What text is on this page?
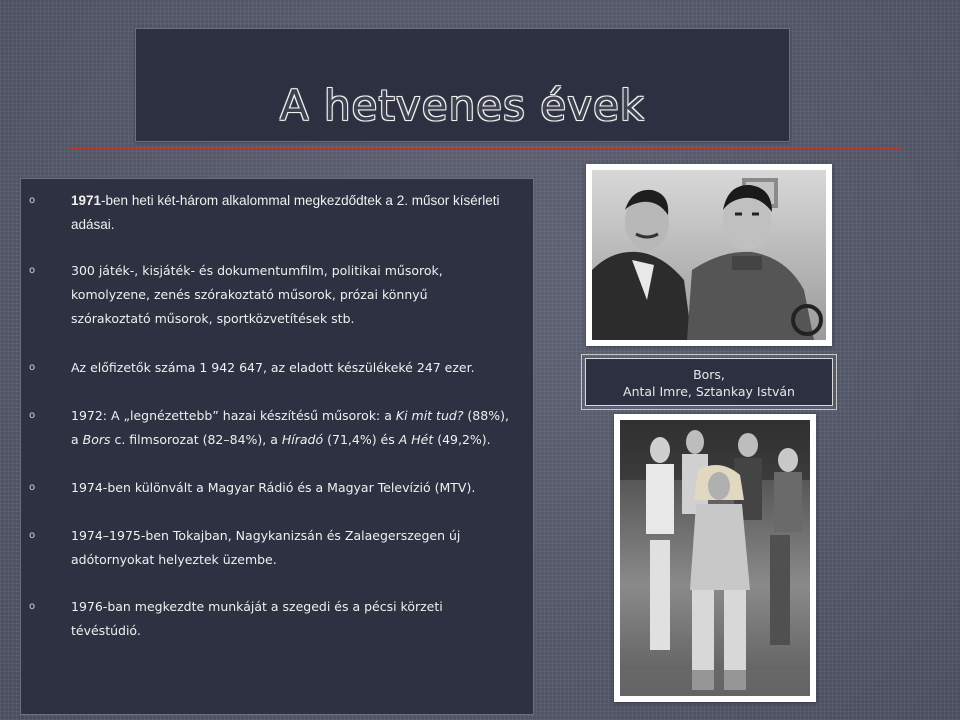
A hetvenes évek
o	1971-ben heti két-három alkalommal megkezdődtek a 2. műsor kísérleti adásai.
o	300 játék-, kisjáték- és dokumentumfilm, politikai műsorok, komolyzene, zenés szórakoztató műsorok, prózai könnyű szórakoztató műsorok, sportközvetítések stb.
o	Az előfizetők száma 1 942 647, az eladott készülékeké 247 ezer.
o	1972: A „legnézettebb” hazai készítésű műsorok: a Ki mit tud? (88%), a Bors c. filmsorozat (82–84%), a Híradó (71,4%) és A Hét (49,2%).
o	1974-ben különvált a Magyar Rádió és a Magyar Televízió (MTV).
o	1974–1975-ben Tokajban, Nagykanizsán és Zalaegerszegen új adótornyokat helyeztek üzembe.
o	1976-ban megkezdte munkáját a szegedi és a pécsi körzeti tévéstúdió.
Bors,
Antal Imre, Sztankay István
